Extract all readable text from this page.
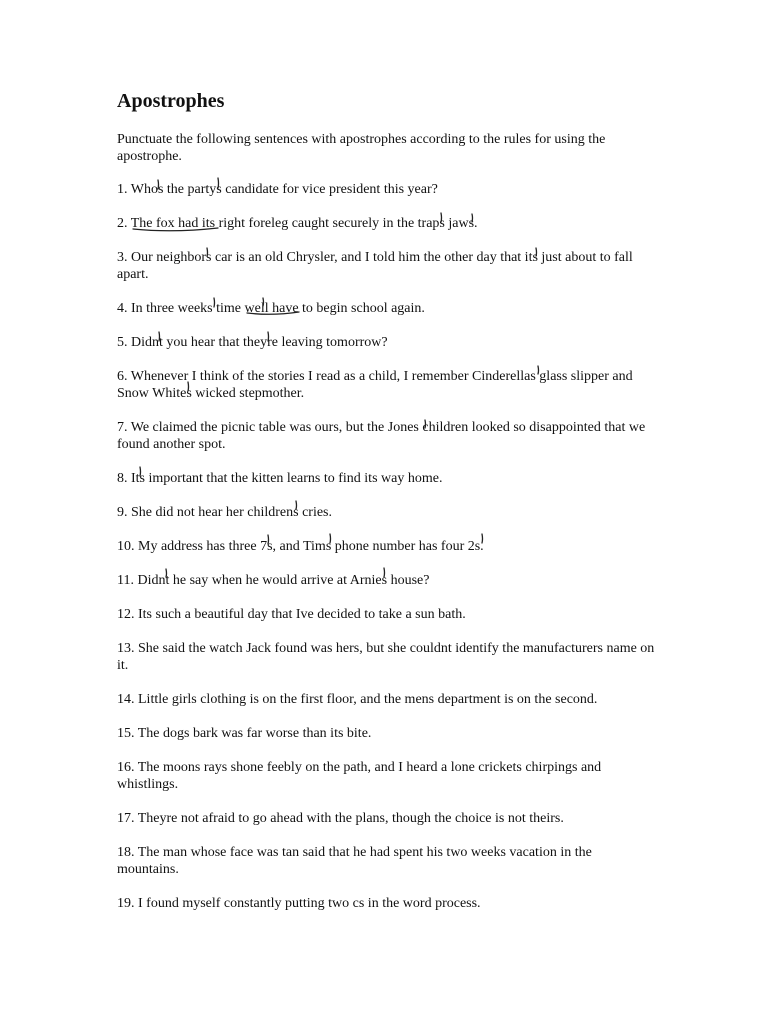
Apostrophes

Punctuate the following sentences with apostrophes according to the rules for using the apostrophe.

1. Whos the partys candidate for vice president this year?

2. The fox had its right foreleg caught securely in the traps jaws.

3. Our neighbors car is an old Chrysler, and I told him the other day that its just about to fall apart.

4. In three weeks time well have to begin school again.

5. Didnt you hear that theyre leaving tomorrow?

6. Whenever I think of the stories I read as a child, I remember Cinderellas glass slipper and Snow Whites wicked stepmother.

7. We claimed the picnic table was ours, but the Jones children looked so disappointed that we found another spot.

8. Its important that the kitten learns to find its way home.

9. She did not hear her childrens cries.

10. My address has three 7s, and Tims phone number has four 2s.

11. Didnt he say when he would arrive at Arnies house?

12. Its such a beautiful day that Ive decided to take a sun bath.

13. She said the watch Jack found was hers, but she couldnt identify the manufacturers name on it.

14. Little girls clothing is on the first floor, and the mens department is on the second.

15. The dogs bark was far worse than its bite.

16. The moons rays shone feebly on the path, and I heard a lone crickets chirpings and whistlings.

17. Theyre not afraid to go ahead with the plans, though the choice is not theirs.

18. The man whose face was tan said that he had spent his two weeks vacation in the mountains.

19. I found myself constantly putting two cs in the word process.
